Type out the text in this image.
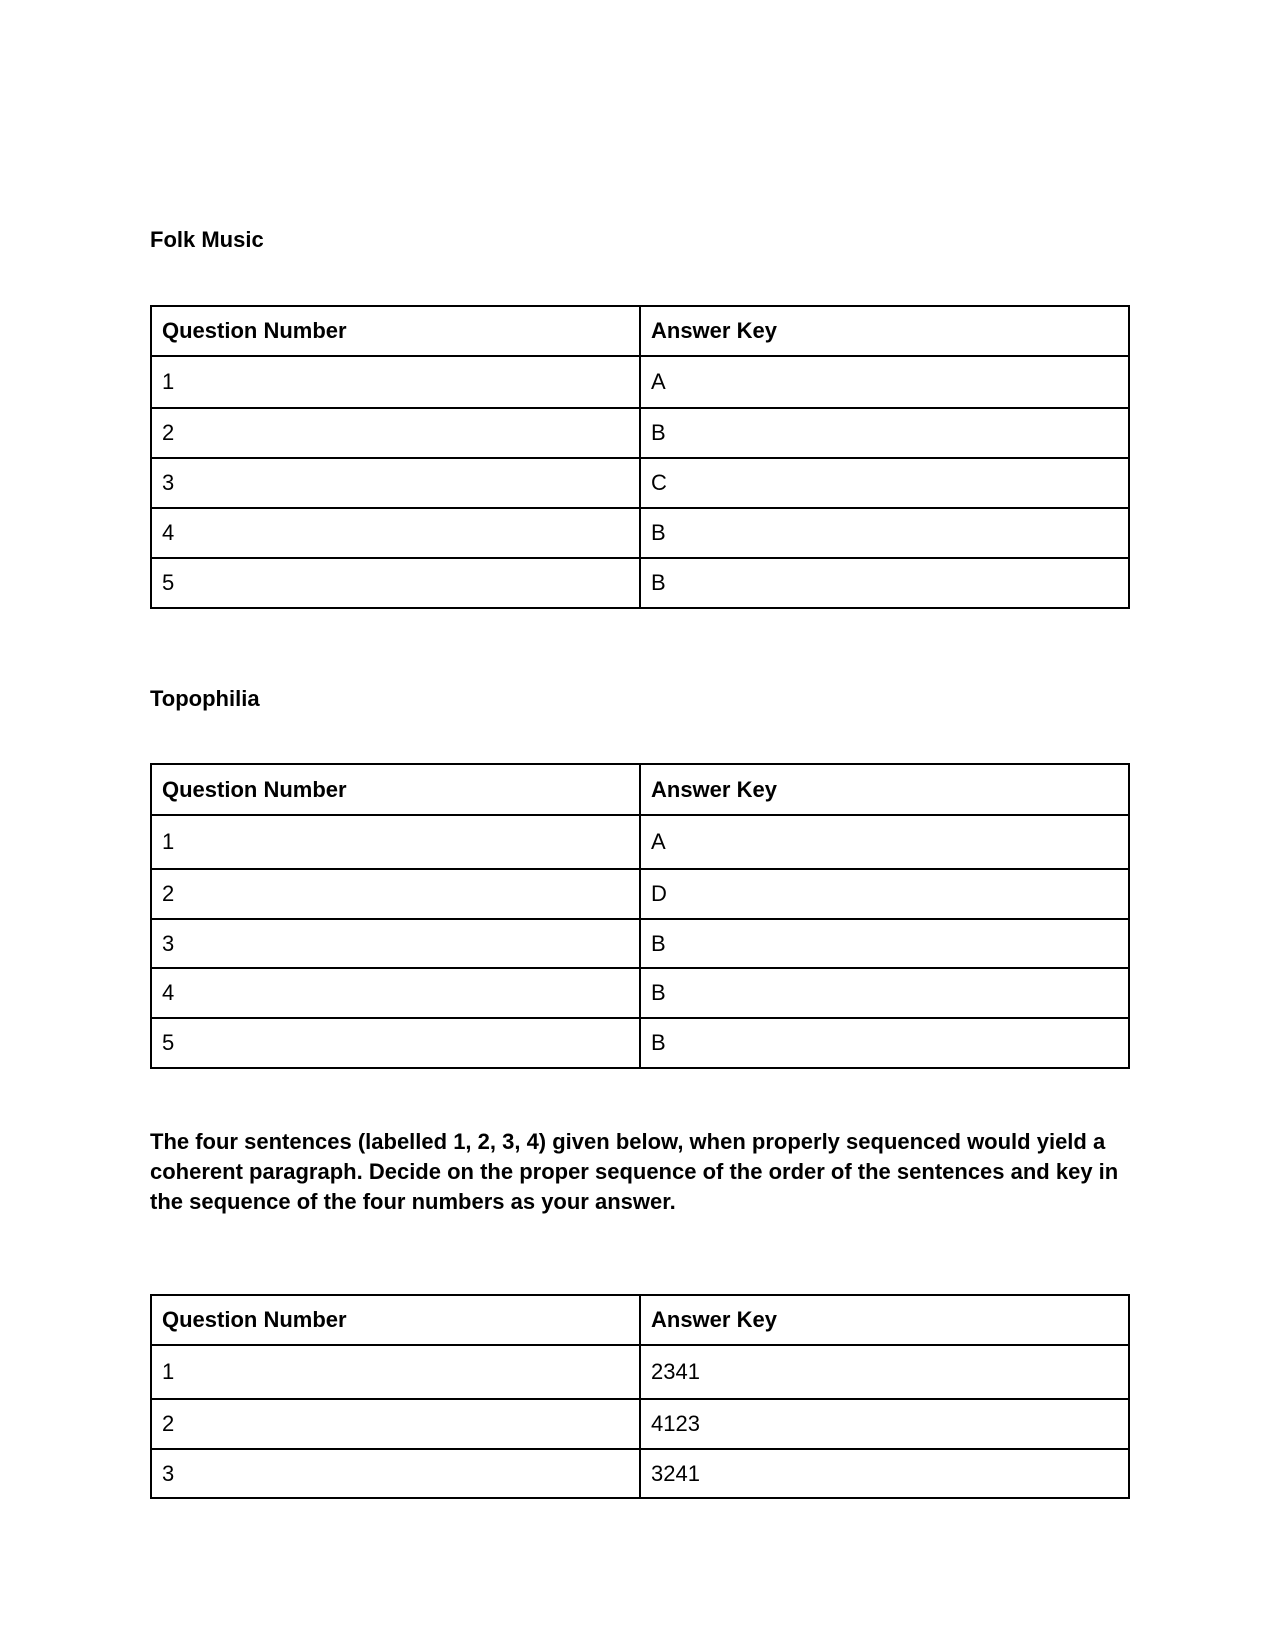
Folk Music
Question Number	Answer Key
1	A
2	B
3	C
4	B
5	B
Topophilia
Question Number	Answer Key
1	A
2	D
3	B
4	B
5	B

The four sentences (labelled 1, 2, 3, 4) given below, when properly sequenced would yield a coherent paragraph. Decide on the proper sequence of the order of the sentences and key in the sequence of the four numbers as your answer.

Question Number	Answer Key
1	2341
2	4123
3	3241
